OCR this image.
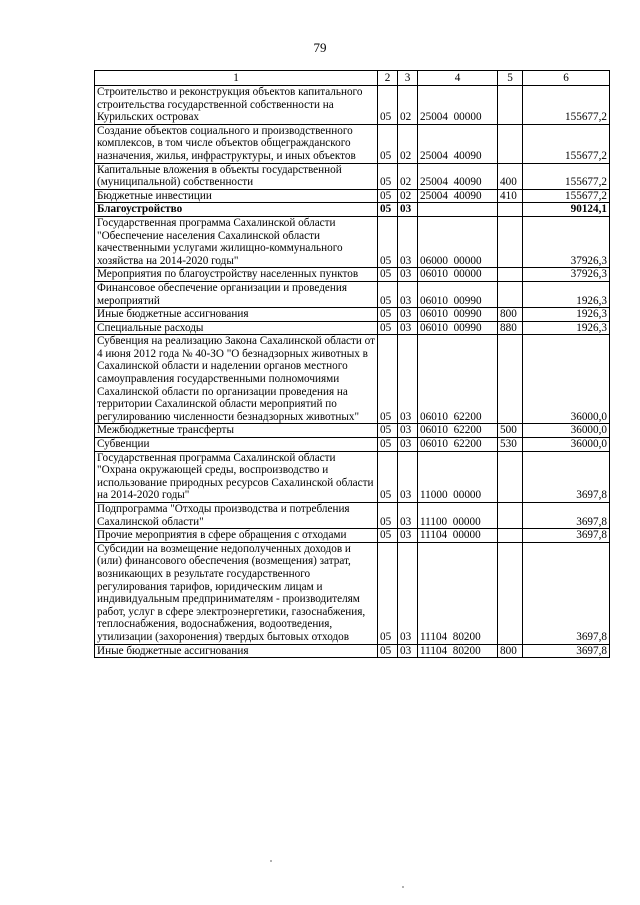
79
1	2	3	4	5	6
Строительство и реконструкция объектов капитального строительства государственной собственности на Курильских островах	05	02	25004  00000		155677,2
Создание объектов социального и производственного комплексов, в том числе объектов общегражданского назначения, жилья, инфраструктуры, и иных объектов	05	02	25004  40090		155677,2
Капитальные вложения в объекты государственной (муниципальной) собственности	05	02	25004  40090	400	155677,2
Бюджетные инвестиции	05	02	25004  40090	410	155677,2
Благоустройство	05	03			90124,1
Государственная программа Сахалинской области "Обеспечение населения Сахалинской области качественными услугами жилищно-коммунального хозяйства на 2014-2020 годы"	05	03	06000  00000		37926,3
Мероприятия по благоустройству населенных пунктов	05	03	06010  00000		37926,3
Финансовое обеспечение организации и проведения мероприятий	05	03	06010  00990		1926,3
Иные бюджетные ассигнования	05	03	06010  00990	800	1926,3
Специальные расходы	05	03	06010  00990	880	1926,3
Субвенция на реализацию Закона Сахалинской области от 4 июня 2012 года № 40-ЗО "О безнадзорных животных в Сахалинской области и наделении органов местного самоуправления государственными полномочиями Сахалинской области по организации проведения на территории Сахалинской области мероприятий по регулированию численности безнадзорных животных"	05	03	06010  62200		36000,0
Межбюджетные трансферты	05	03	06010  62200	500	36000,0
Субвенции	05	03	06010  62200	530	36000,0
Государственная программа Сахалинской области "Охрана окружающей среды, воспроизводство и использование природных ресурсов Сахалинской области на 2014-2020 годы"	05	03	11000  00000		3697,8
Подпрограмма "Отходы производства и потребления Сахалинской области"	05	03	11100  00000		3697,8
Прочие мероприятия в сфере обращения с отходами	05	03	11104  00000		3697,8
Субсидии на возмещение недополученных доходов и (или) финансового обеспечения (возмещения) затрат, возникающих в результате государственного регулирования тарифов, юридическим лицам и индивидуальным предпринимателям - производителям работ, услуг в сфере электроэнергетики, газоснабжения, теплоснабжения, водоснабжения, водоотведения, утилизации (захоронения) твердых бытовых отходов	05	03	11104  80200		3697,8
Иные бюджетные ассигнования	05	03	11104  80200	800	3697,8
